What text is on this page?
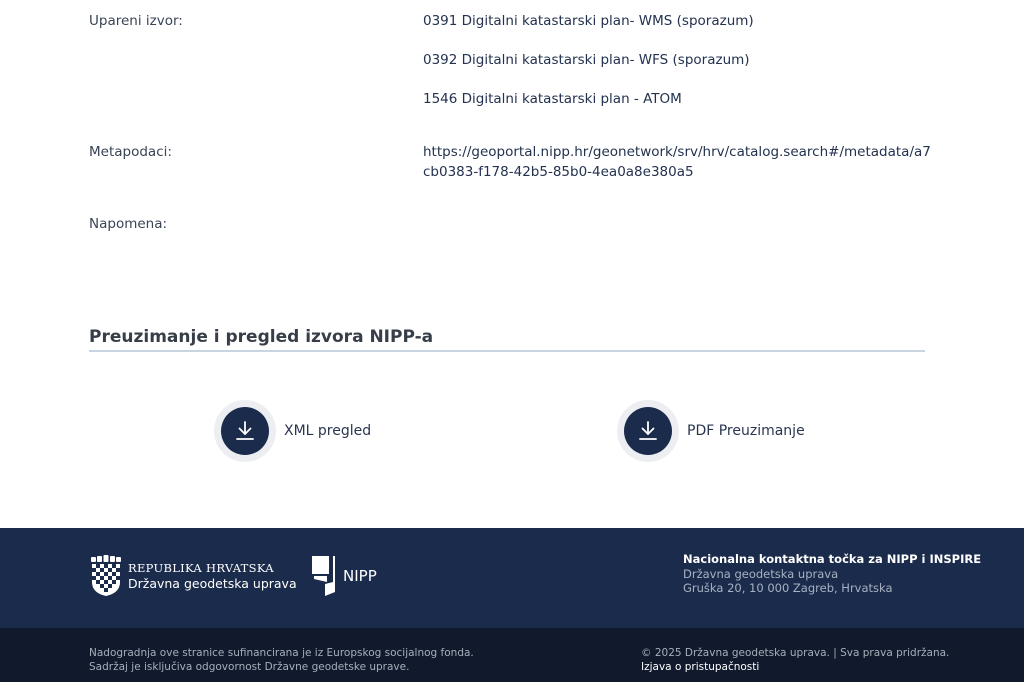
Upareni izvor:	0391 Digitalni katastarski plan- WMS (sporazum)
0392 Digitalni katastarski plan- WFS (sporazum)
1546 Digitalni katastarski plan - ATOM
Metapodaci:	https://geoportal.nipp.hr/geonetwork/srv/hrv/catalog.search#/metadata/a7
cb0383-f178-42b5-85b0-4ea0a8e380a5
Napomena:
Preuzimanje i pregled izvora NIPP-a
XML pregled	PDF Preuzimanje
REPUBLIKA HRVATSKA
Državna geodetska uprava	NIPP
Nacionalna kontaktna točka za NIPP i INSPIRE
Državna geodetska uprava
Gruška 20, 10 000 Zagreb, Hrvatska
Nadogradnja ove stranice sufinancirana je iz Europskog socijalnog fonda.
Sadržaj je isključiva odgovornost Državne geodetske uprave.
© 2025 Državna geodetska uprava. | Sva prava pridržana.
Izjava o pristupačnosti
